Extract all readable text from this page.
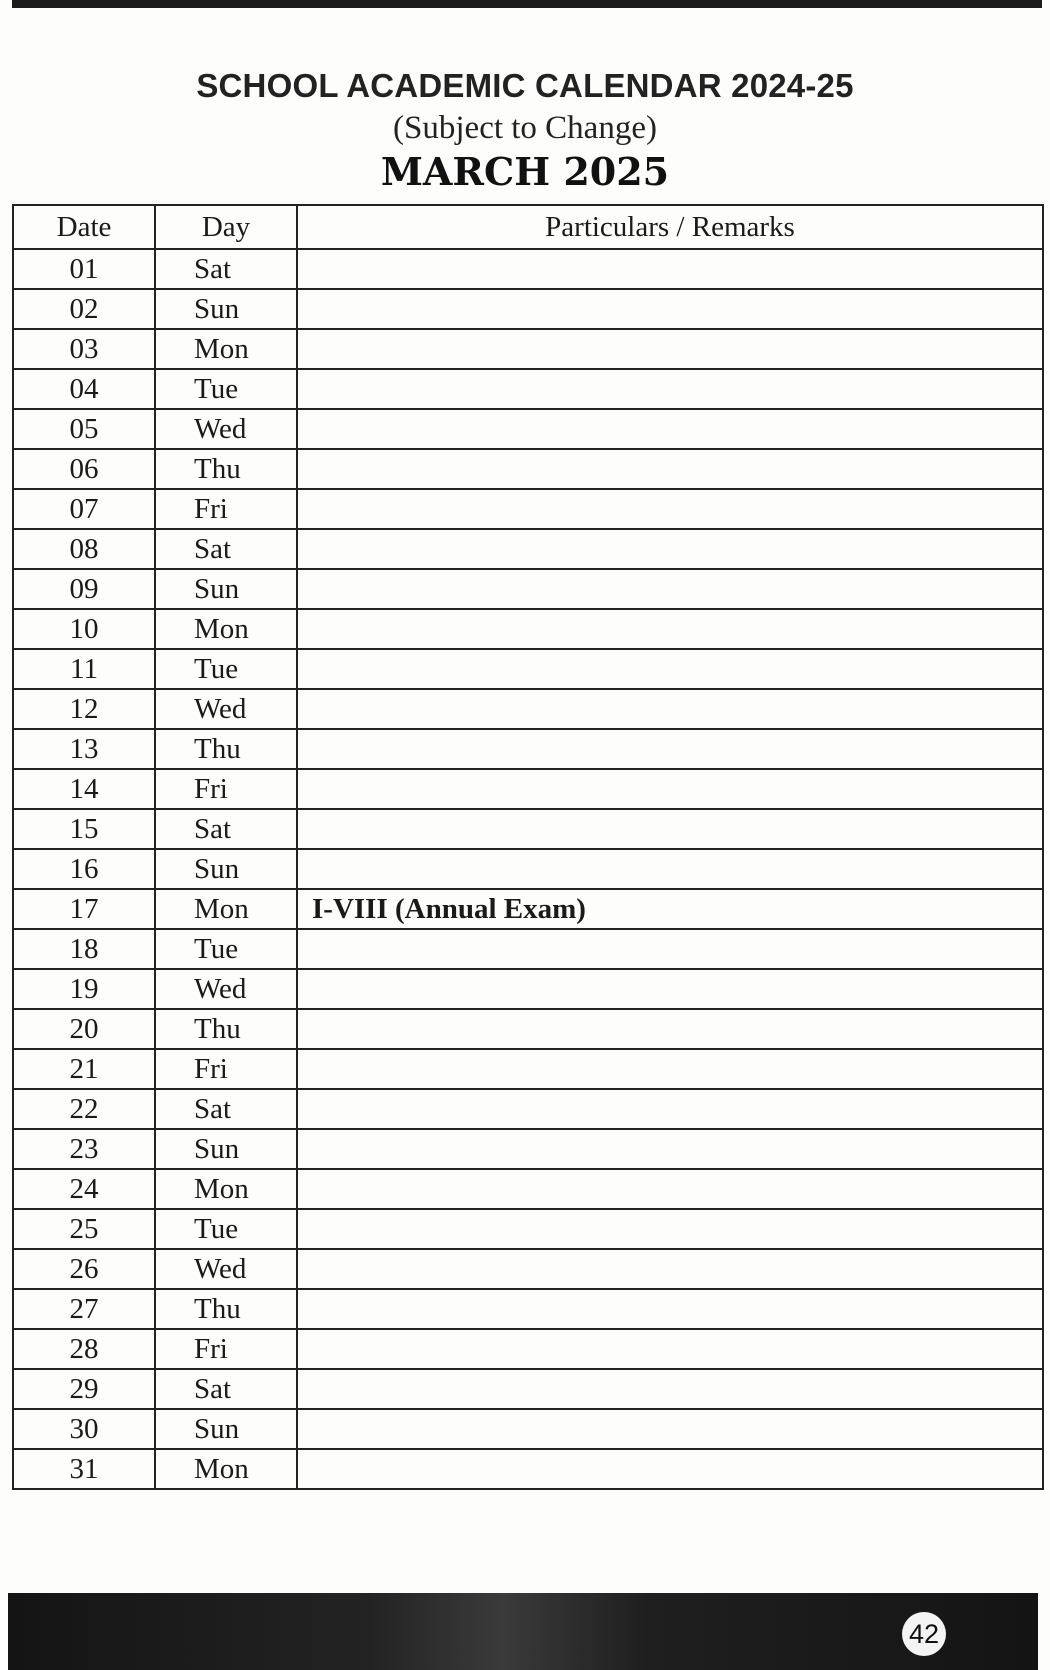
SCHOOL ACADEMIC CALENDAR 2024-25
(Subject to Change)
MARCH 2025
Date	Day	Particulars / Remarks
01	Sat	
02	Sun	
03	Mon	
04	Tue	
05	Wed	
06	Thu	
07	Fri	
08	Sat	
09	Sun	
10	Mon	
11	Tue	
12	Wed	
13	Thu	
14	Fri	
15	Sat	
16	Sun	
17	Mon	I-VIII (Annual Exam)
18	Tue	
19	Wed	
20	Thu	
21	Fri	
22	Sat	
23	Sun	
24	Mon	
25	Tue	
26	Wed	
27	Thu	
28	Fri	
29	Sat	
30	Sun	
31	Mon	
42
